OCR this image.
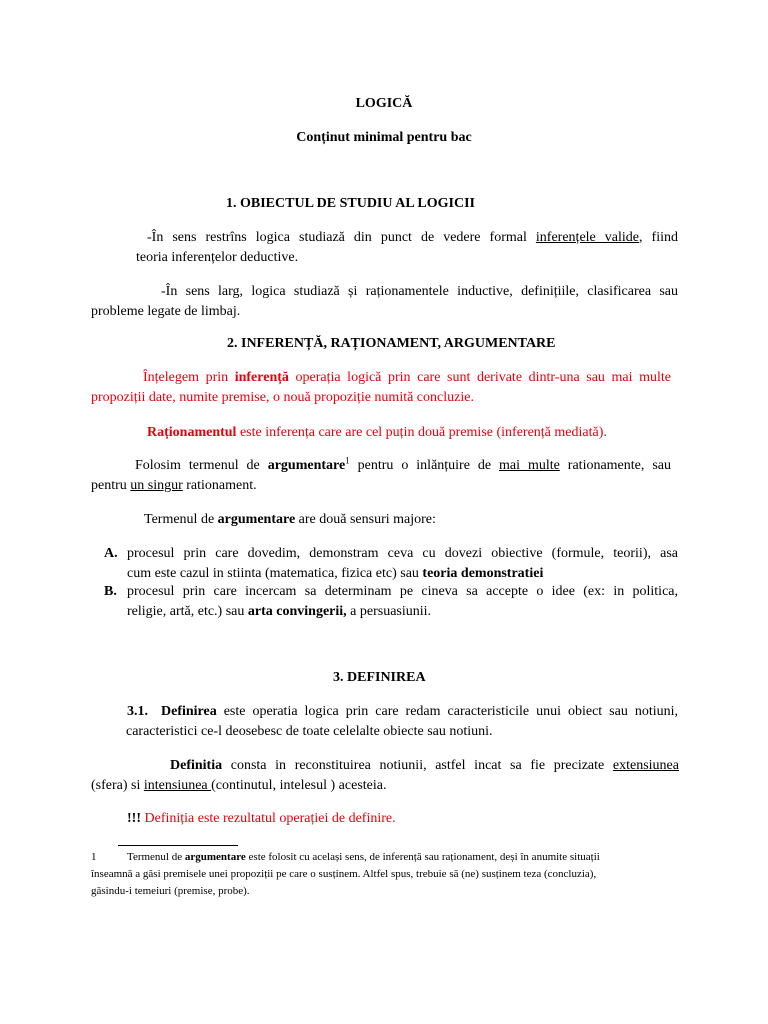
LOGICĂ
Conținut minimal pentru bac
1. OBIECTUL DE STUDIU AL LOGICII
-În sens restrîns logica studiază din punct de vedere formal inferențele valide, fiind
teoria inferențelor deductive.
-În sens larg, logica studiază și raționamentele inductive, definițiile, clasificarea sau
probleme legate de limbaj.
2. INFERENȚĂ, RAȚIONAMENT, ARGUMENTARE
Înțelegem prin inferență operația logică prin care sunt derivate dintr-una sau mai multe
propoziții date, numite premise, o nouă propoziție numită concluzie.
Raționamentul este inferența care are cel puțin două premise (inferență mediată).
Folosim termenul de argumentare$^1$ pentru o inlănțuire de mai multe rationamente, sau
pentru un singur rationament.
Termenul de argumentare are două sensuri majore:
A. procesul prin care dovedim, demonstram ceva cu dovezi obiective (formule, teorii), asa
cum este cazul in stiinta (matematica, fizica etc) sau teoria demonstratiei
B. procesul prin care incercam sa determinam pe cineva sa accepte o idee (ex: in politica,
religie, artă, etc.) sau arta convingerii, a persuasiunii.
3. DEFINIREA
3.1. Definirea este operatia logica prin care redam caracteristicile unui obiect sau notiuni,
caracteristici ce-l deosebesc de toate celelalte obiecte sau notiuni.
Definitia consta in reconstituirea notiunii, astfel incat sa fie precizate extensiunea
(sfera) si intensiunea (continutul, intelesul ) acesteia.
!!! Definiția este rezultatul operației de definire.
1	Termenul de argumentare este folosit cu același sens, de inferență sau raționament, deși în anumite situații
înseamnă a găsi premisele unei propoziții pe care o susținem. Altfel spus, trebuie să (ne) susținem teza (concluzia),
găsindu-i temeiuri (premise, probe).
